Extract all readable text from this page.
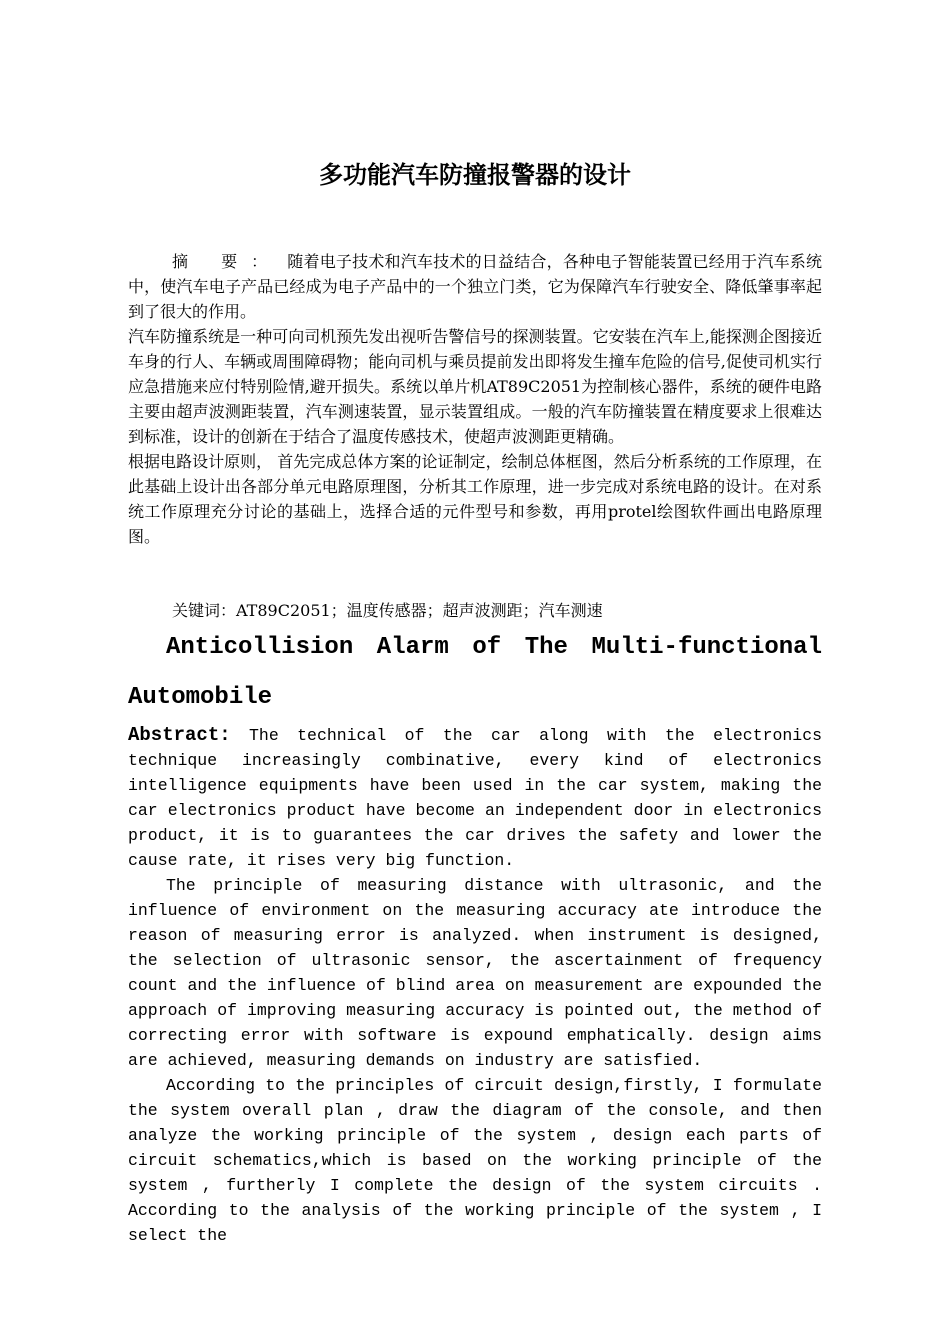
多功能汽车防撞报警器的设计

摘 要： 随着电子技术和汽车技术的日益结合，各种电子智能装置已经用于汽车系统中，使汽车电子产品已经成为电子产品中的一个独立门类，它为保障汽车行驶安全、降低肇事率起到了很大的作用。

汽车防撞系统是一种可向司机预先发出视听告警信号的探测装置。它安装在汽车上,能探测企图接近车身的行人、车辆或周围障碍物；能向司机与乘员提前发出即将发生撞车危险的信号,促使司机实行应急措施来应付特别险情,避开损失。系统以单片机AT89C2051为控制核心器件，系统的硬件电路主要由超声波测距装置，汽车测速装置，显示装置组成。一般的汽车防撞装置在精度要求上很难达到标准，设计的创新在于结合了温度传感技术，使超声波测距更精确。

根据电路设计原则， 首先完成总体方案的论证制定，绘制总体框图，然后分析系统的工作原理，在此基础上设计出各部分单元电路原理图，分析其工作原理，进一步完成对系统电路的设计。在对系统工作原理充分讨论的基础上，选择合适的元件型号和参数，再用protel绘图软件画出电路原理图。

关键词：AT89C2051；温度传感器；超声波测距；汽车测速

Anticollision Alarm of The Multi-functional
Automobile

Abstract: The technical of the car along with the electronics technique increasingly combinative, every kind of electronics intelligence equipments have been used in the car system, making the car electronics product have become an independent door in electronics product, it is to guarantees the car drives the safety and lower the cause rate, it rises very big function.

The principle of measuring distance with ultrasonic, and the influence of environment on the measuring accuracy ate introduce the reason of measuring error is analyzed. when instrument is designed, the selection of ultrasonic sensor, the ascertainment of frequency count and the influence of blind area on measurement are expounded the approach of improving measuring accuracy is pointed out, the method of correcting error with software is expound emphatically. design aims are achieved, measuring demands on industry are satisfied.

According to the principles of circuit design,firstly, I formulate the system overall plan , draw the diagram of the console, and then analyze the working principle of the system , design each parts of circuit schematics,which is based on the working principle of the system , furtherly I complete the design of the system circuits . According to the analysis of the working principle of the system , I select the
